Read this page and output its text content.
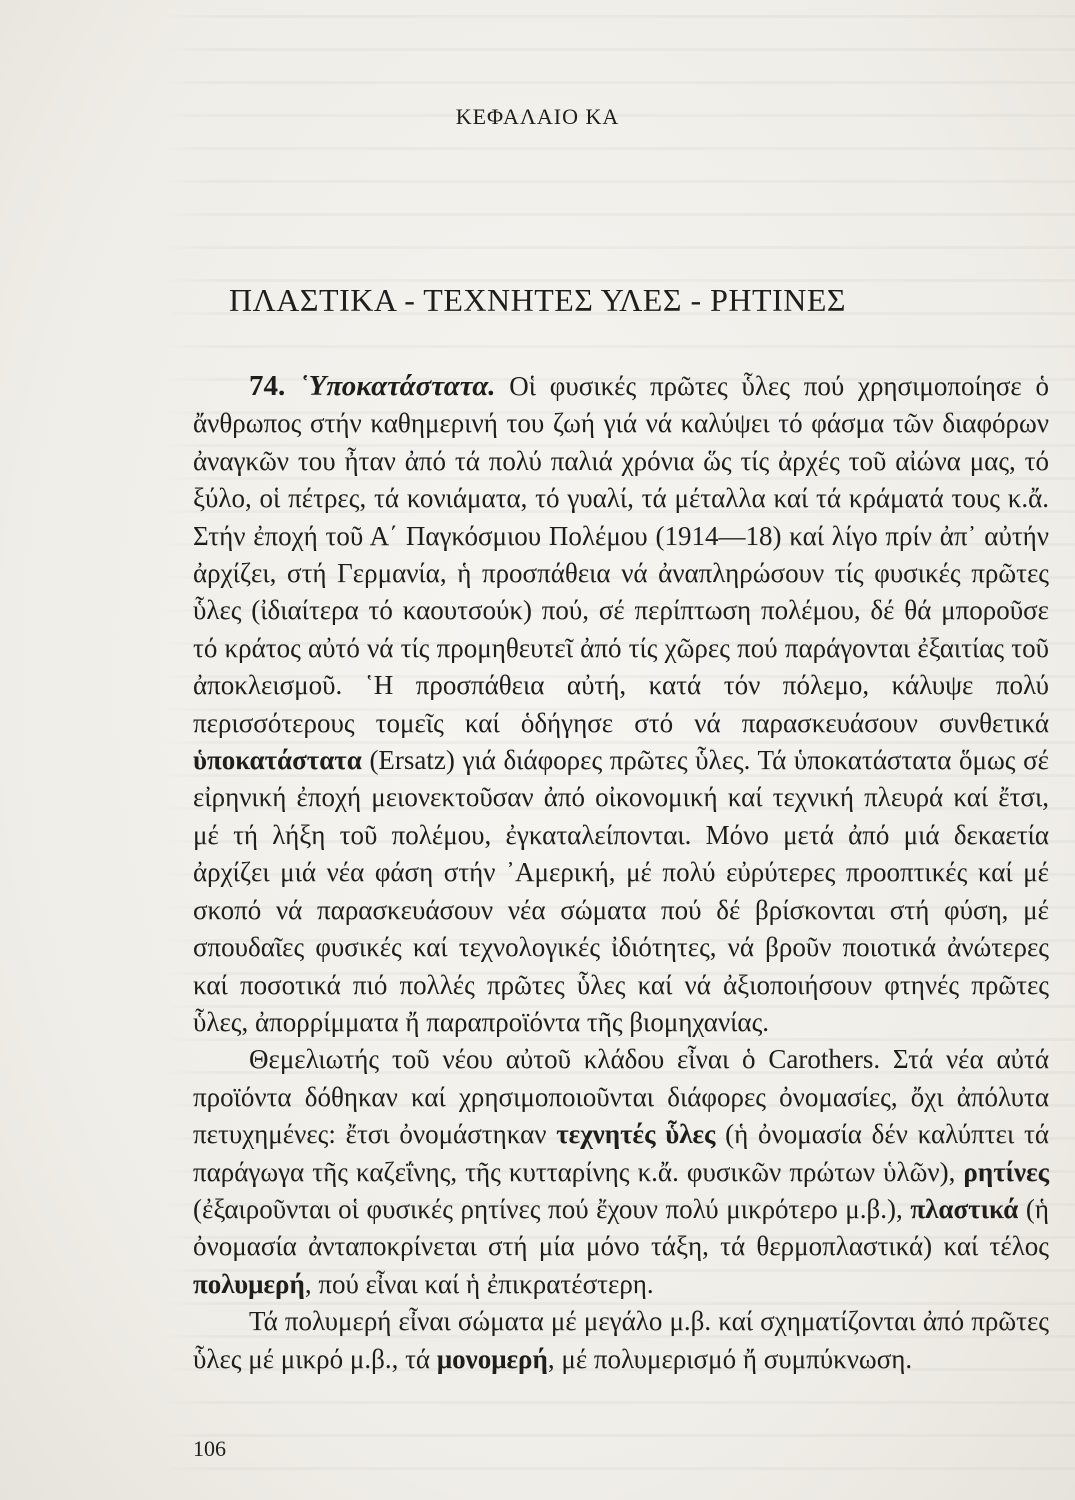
ΚΕΦΑΛΑΙΟ ΚΑ
ΠΛΑΣΤΙΚΑ - ΤΕΧΝΗΤΕΣ ΥΛΕΣ - ΡΗΤΙΝΕΣ

74. ῾Υποκατάστατα. Οἱ φυσικές πρῶτες ὗλες πού χρησιμοποίησε ὁ ἄνθρωπος στήν καθημερινή του ζωή γιά νά καλύψει τό φάσμα τῶν διαφόρων ἀναγκῶν του ἦταν ἀπό τά πολύ παλιά χρόνια ὥς τίς ἀρχές τοῦ αἰώνα μας, τό ξύλο, οἱ πέτρες, τά κονιάματα, τό γυαλί, τά μέταλλα καί τά κράματά τους κ.ἄ. Στήν ἐποχή τοῦ Α΄ Παγκόσμιου Πολέμου (1914—18) καί λίγο πρίν ἀπ᾽ αὐτήν ἀρχίζει, στή Γερμανία, ἡ προσπάθεια νά ἀναπληρώσουν τίς φυσικές πρῶτες ὗλες (ἰδιαίτερα τό καουτσούκ) πού, σέ περίπτωση πολέμου, δέ θά μποροῦσε τό κράτος αὐτό νά τίς προμηθευτεῖ ἀπό τίς χῶρες πού παράγονται ἐξαιτίας τοῦ ἀποκλεισμοῦ. ῾Η προσπάθεια αὐτή, κατά τόν πόλεμο, κάλυψε πολύ περισσότερους τομεῖς καί ὁδήγησε στό νά παρασκευάσουν συνθετικά ὑποκατάστατα (Ersatz) γιά διάφορες πρῶτες ὗλες. Τά ὑποκατάστατα ὅμως σέ εἰρηνική ἐποχή μειονεκτοῦσαν ἀπό οἰκονομική καί τεχνική πλευρά καί ἔτσι, μέ τή λήξη τοῦ πολέμου, ἐγκαταλείπονται. Μόνο μετά ἀπό μιά δεκαετία ἀρχίζει μιά νέα φάση στήν ᾽Αμερική, μέ πολύ εὐρύτερες προοπτικές καί μέ σκοπό νά παρασκευάσουν νέα σώματα πού δέ βρίσκονται στή φύση, μέ σπουδαῖες φυσικές καί τεχνολογικές ἰδιότητες, νά βροῦν ποιοτικά ἀνώτερες καί ποσοτικά πιό πολλές πρῶτες ὗλες καί νά ἀξιοποιήσουν φτηνές πρῶτες ὗλες, ἀπορρίμματα ἤ παραπροϊόντα τῆς βιομηχανίας.

Θεμελιωτής τοῦ νέου αὐτοῦ κλάδου εἶναι ὁ Carothers. Στά νέα αὐτά προϊόντα δόθηκαν καί χρησιμοποιοῦνται διάφορες ὀνομασίες, ὄχι ἀπόλυτα πετυχημένες: ἔτσι ὀνομάστηκαν τεχνητές ὗλες (ἡ ὀνομασία δέν καλύπτει τά παράγωγα τῆς καζεΐνης, τῆς κυτταρίνης κ.ἄ. φυσικῶν πρώτων ὑλῶν), ρητίνες (ἐξαιροῦνται οἱ φυσικές ρητίνες πού ἔχουν πολύ μικρότερο μ.β.), πλαστικά (ἡ ὀνομασία ἀνταποκρίνεται στή μία μόνο τάξη, τά θερμοπλαστικά) καί τέλος πολυμερή, πού εἶναι καί ἡ ἐπικρατέστερη.

Τά πολυμερή εἶναι σώματα μέ μεγάλο μ.β. καί σχηματίζονται ἀπό πρῶτες ὗλες μέ μικρό μ.β., τά μονομερή, μέ πολυμερισμό ἤ συμπύκνωση.

106
